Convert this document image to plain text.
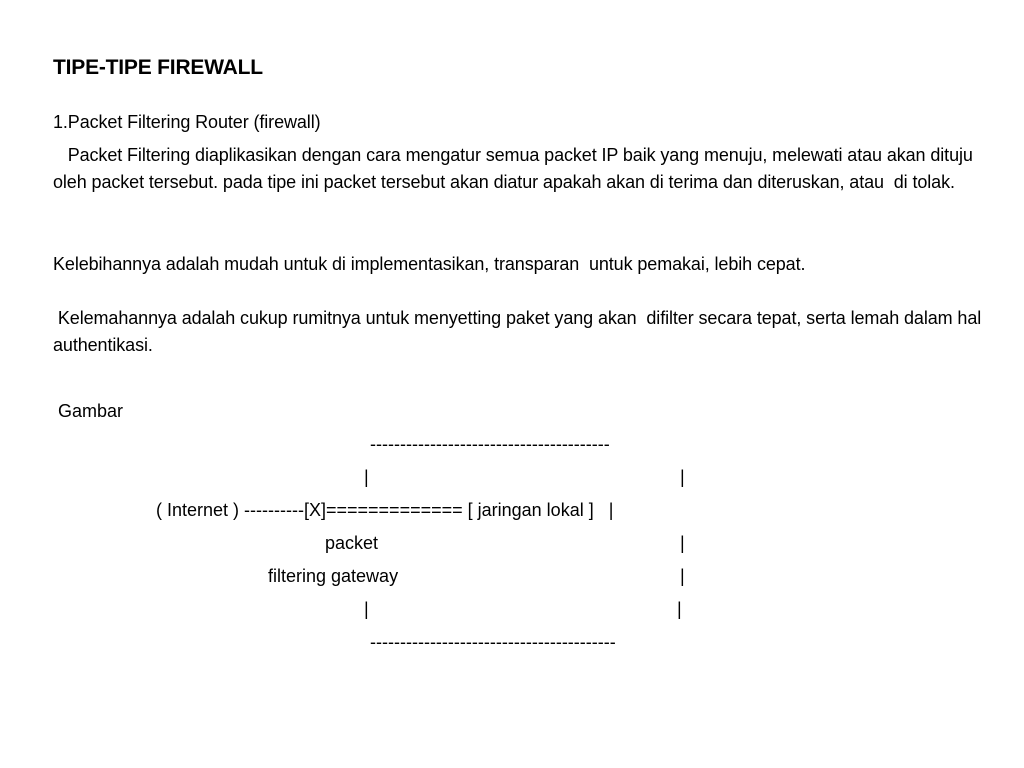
TIPE-TIPE FIREWALL
1.Packet Filtering Router (firewall)
Packet Filtering diaplikasikan dengan cara mengatur semua packet IP baik yang menuju, melewati atau akan dituju oleh packet tersebut. pada tipe ini packet tersebut akan diatur apakah akan di terima dan diteruskan, atau  di tolak.
Kelebihannya adalah mudah untuk di implementasikan, transparan  untuk pemakai, lebih cepat.
Kelemahannya adalah cukup rumitnya untuk menyetting paket yang akan  difilter secara tepat, serta lemah dalam hal authentikasi.
Gambar
----------------------------------------
|	|
( Internet ) ----------[X]============= [ jaringan lokal ]   |
packet	|
filtering gateway	|
|	|
-----------------------------------------
